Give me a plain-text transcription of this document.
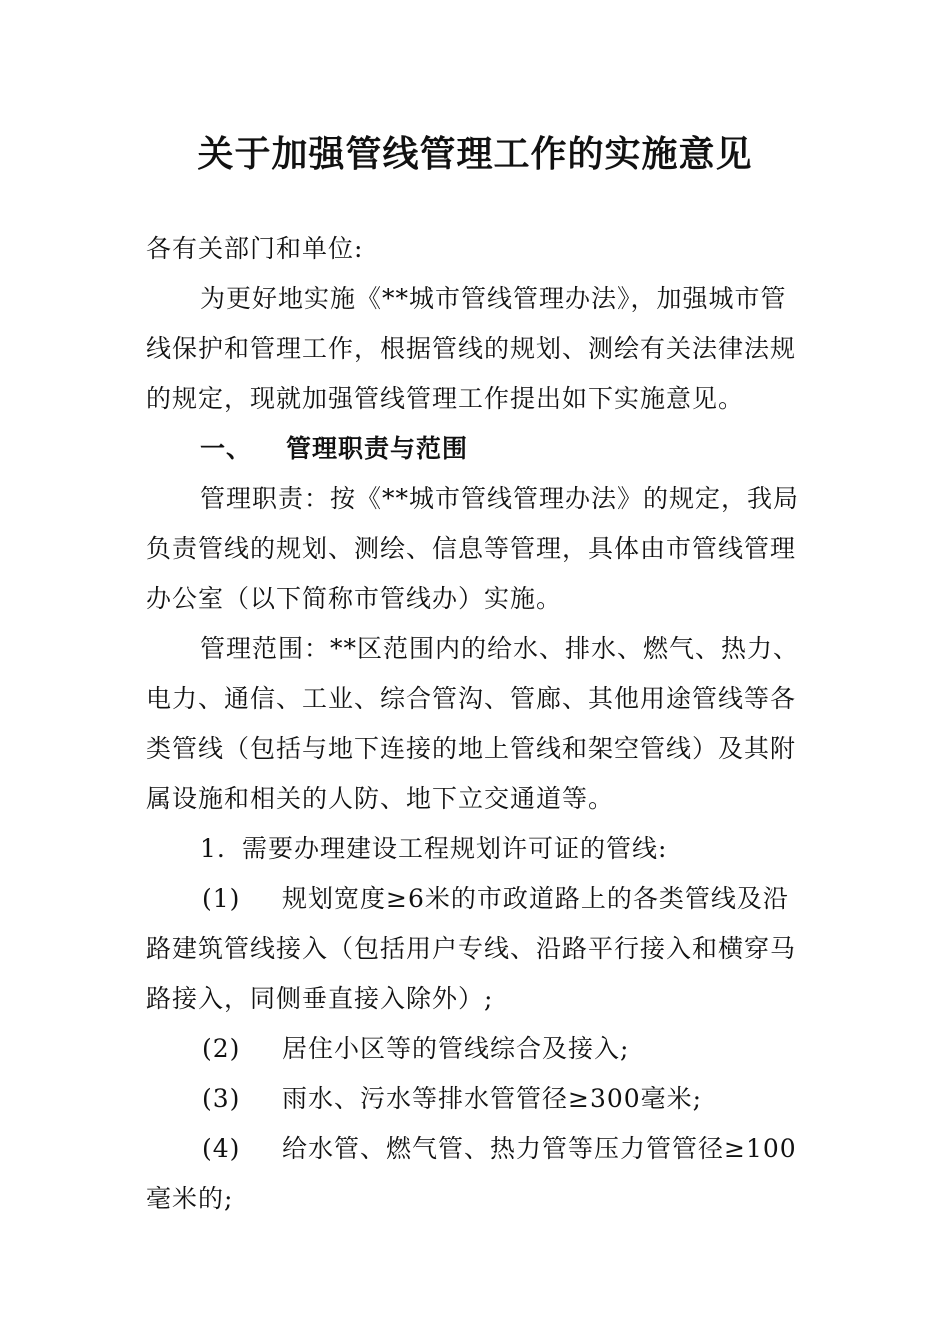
关于加强管线管理工作的实施意见

各有关部门和单位:

为更好地实施《**城市管线管理办法》，加强城市管线保护和管理工作，根据管线的规划、测绘有关法律法规的规定，现就加强管线管理工作提出如下实施意见。

一、 管理职责与范围

管理职责：按《**城市管线管理办法》的规定，我局负责管线的规划、测绘、信息等管理，具体由市管线管理办公室（以下简称市管线办）实施。

管理范围：**区范围内的给水、排水、燃气、热力、电力、通信、工业、综合管沟、管廊、其他用途管线等各类管线（包括与地下连接的地上管线和架空管线）及其附属设施和相关的人防、地下立交通道等。

1. 需要办理建设工程规划许可证的管线:

(1) 规划宽度≥6米的市政道路上的各类管线及沿路建筑管线接入（包括用户专线、沿路平行接入和横穿马路接入，同侧垂直接入除外）;

(2) 居住小区等的管线综合及接入;

(3) 雨水、污水等排水管管径≥300毫米;

(4) 给水管、燃气管、热力管等压力管管径≥100毫米的;
